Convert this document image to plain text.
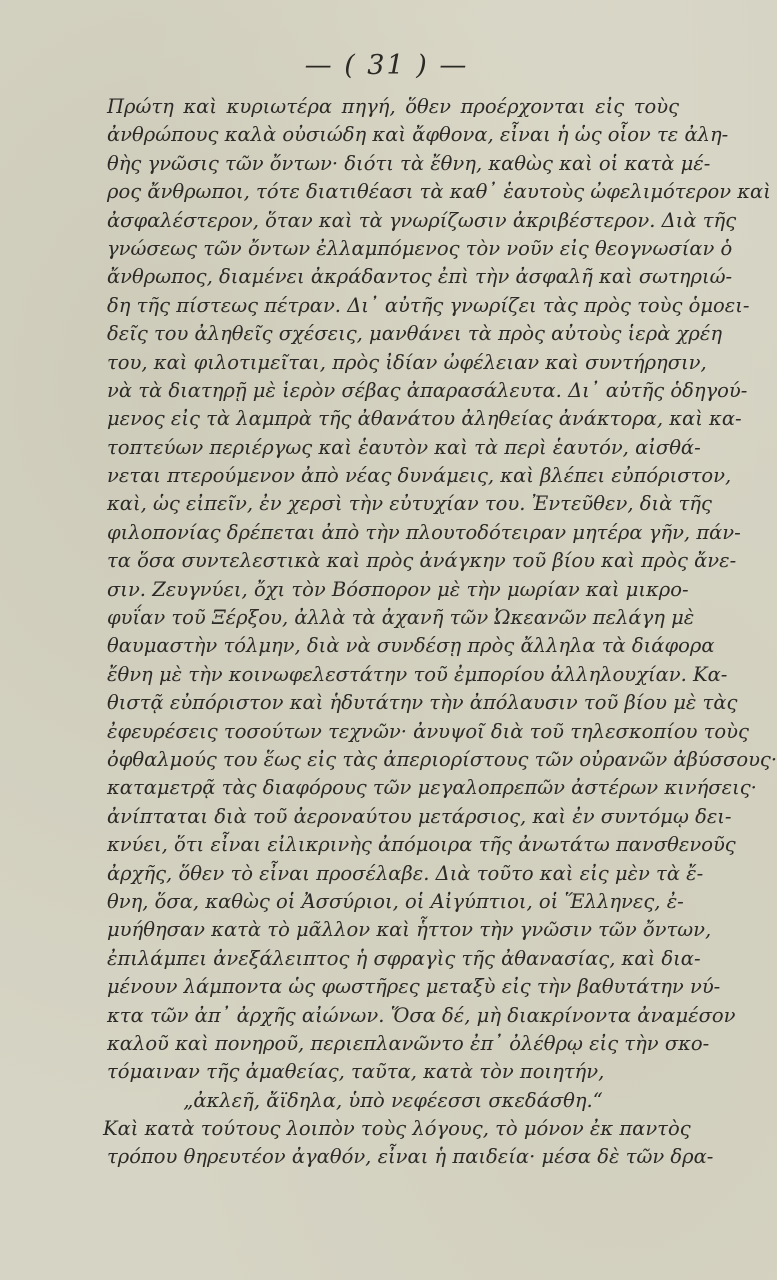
— ( 31 ) —
Πρώτη καὶ κυριωτέρα πηγή, ὅθεν προέρχονται εἰς τοὺς
ἀνθρώπους καλὰ οὐσιώδη καὶ ἄφθονα, εἶναι ἡ ὡς οἷον τε ἀλη-
θὴς γνῶσις τῶν ὄντων· διότι τὰ ἔθνη, καθὼς καὶ οἱ κατὰ μέ-
ρος ἄνθρωποι, τότε διατιθέασι τὰ καθ᾽ ἑαυτοὺς ὠφελιμότερον καὶ
ἀσφαλέστερον, ὅταν καὶ τὰ γνωρίζωσιν ἀκριβέστερον. Διὰ τῆς
γνώσεως τῶν ὄντων ἐλλαμπόμενος τὸν νοῦν εἰς θεογνωσίαν ὁ
ἄνθρωπος, διαμένει ἀκράδαντος ἐπὶ τὴν ἀσφαλῆ καὶ σωτηριώ-
δη τῆς πίστεως πέτραν. Δι᾽ αὐτῆς γνωρίζει τὰς πρὸς τοὺς ὁμοει-
δεῖς του ἀληθεῖς σχέσεις, μανθάνει τὰ πρὸς αὐτοὺς ἱερὰ χρέη
του, καὶ φιλοτιμεῖται, πρὸς ἰδίαν ὠφέλειαν καὶ συντήρησιν,
νὰ τὰ διατηρῇ μὲ ἱερὸν σέβας ἀπαρασάλευτα. Δι᾽ αὐτῆς ὁδηγού-
μενος εἰς τὰ λαμπρὰ τῆς ἀθανάτου ἀληθείας ἀνάκτορα, καὶ κα-
τοπτεύων περιέργως καὶ ἑαυτὸν καὶ τὰ περὶ ἑαυτόν, αἰσθά-
νεται πτερούμενον ἀπὸ νέας δυνάμεις, καὶ βλέπει εὐπόριστον,
καὶ, ὡς εἰπεῖν, ἐν χερσὶ τὴν εὐτυχίαν του. Ἐντεῦθεν, διὰ τῆς
φιλοπονίας δρέπεται ἀπὸ τὴν πλουτοδότειραν μητέρα γῆν, πάν-
τα ὅσα συντελεστικὰ καὶ πρὸς ἀνάγκην τοῦ βίου καὶ πρὸς ἄνε-
σιν. Ζευγνύει, ὄχι τὸν Βόσπορον μὲ τὴν μωρίαν καὶ μικρο-
φυΐαν τοῦ Ξέρξου, ἀλλὰ τὰ ἀχανῆ τῶν Ὠκεανῶν πελάγη μὲ
θαυμαστὴν τόλμην, διὰ νὰ συνδέσῃ πρὸς ἄλληλα τὰ διάφορα
ἔθνη μὲ τὴν κοινωφελεστάτην τοῦ ἐμπορίου ἀλληλουχίαν. Κα-
θιστᾷ εὐπόριστον καὶ ἡδυτάτην τὴν ἀπόλαυσιν τοῦ βίου μὲ τὰς
ἐφευρέσεις τοσούτων τεχνῶν· ἀνυψοῖ διὰ τοῦ τηλεσκοπίου τοὺς
ὀφθαλμούς του ἕως εἰς τὰς ἀπεριορίστους τῶν οὐρανῶν ἀβύσσους·
καταμετρᾷ τὰς διαφόρους τῶν μεγαλοπρεπῶν ἀστέρων κινήσεις·
ἀνίπταται διὰ τοῦ ἀεροναύτου μετάρσιος, καὶ ἐν συντόμῳ δει-
κνύει, ὅτι εἶναι εἰλικρινὴς ἀπόμοιρα τῆς ἀνωτάτω πανσθενοῦς
ἀρχῆς, ὅθεν τὸ εἶναι προσέλαβε. Διὰ τοῦτο καὶ εἰς μὲν τὰ ἔ-
θνη, ὅσα, καθὼς οἱ Ἀσσύριοι, οἱ Αἰγύπτιοι, οἱ Ἕλληνες, ἐ-
μυήθησαν κατὰ τὸ μᾶλλον καὶ ἧττον τὴν γνῶσιν τῶν ὄντων,
ἐπιλάμπει ἀνεξάλειπτος ἡ σφραγὶς τῆς ἀθανασίας, καὶ δια-
μένουν λάμποντα ὡς φωστῆρες μεταξὺ εἰς τὴν βαθυτάτην νύ-
κτα τῶν ἀπ᾽ ἀρχῆς αἰώνων. Ὅσα δέ, μὴ διακρίνοντα ἀναμέσον
καλοῦ καὶ πονηροῦ, περιεπλανῶντο ἐπ᾽ ὀλέθρῳ εἰς τὴν σκο-
τόμαιναν τῆς ἀμαθείας, ταῦτα, κατὰ τὸν ποιητήν,
„ἀκλεῆ, ἄϊδηλα, ὑπὸ νεφέεσσι σκεδάσθη.“
Καὶ κατὰ τούτους λοιπὸν τοὺς λόγους, τὸ μόνον ἐκ παντὸς
τρόπου θηρευτέον ἀγαθόν, εἶναι ἡ παιδεία· μέσα δὲ τῶν δρα-
